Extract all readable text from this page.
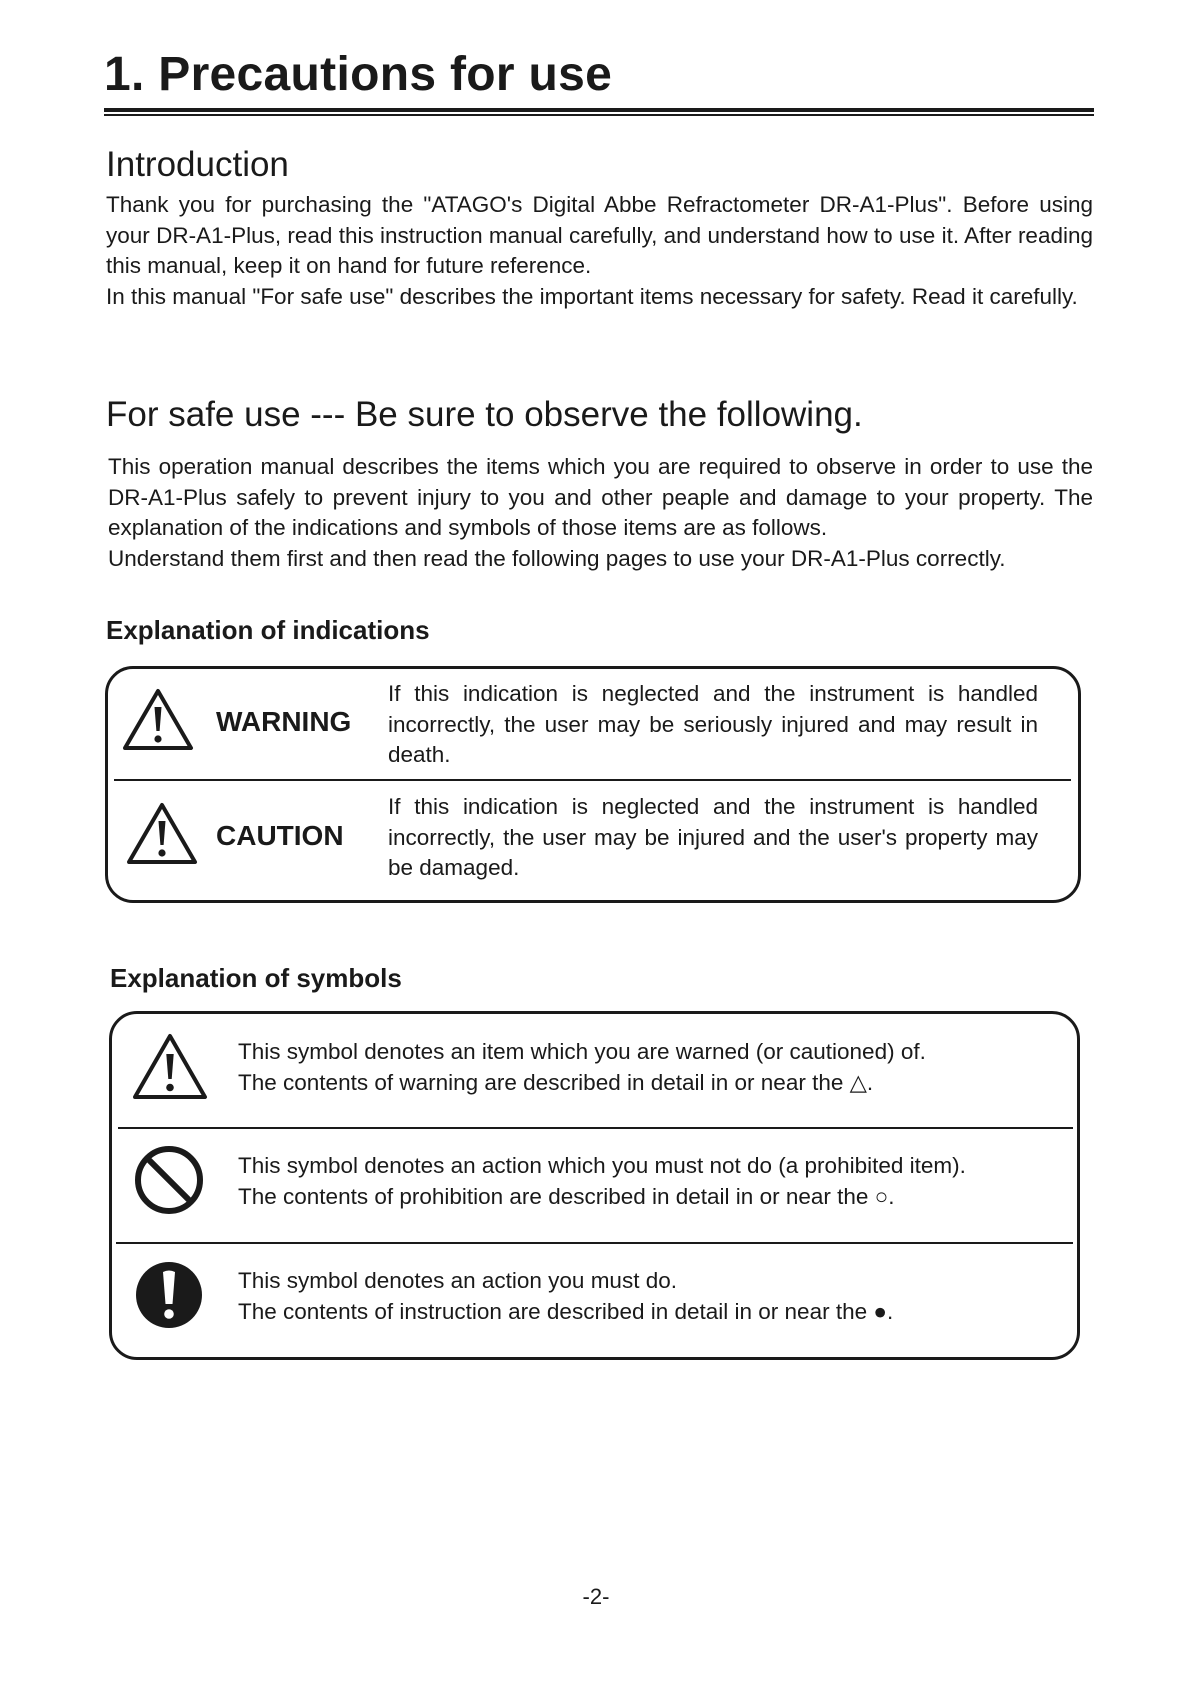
1. Precautions for use
Introduction

Thank you for purchasing the "ATAGO's Digital Abbe Refractometer DR-A1-Plus". Before using your DR-A1-Plus, read this instruction manual carefully, and understand how to use it. After reading this manual, keep it on hand for future reference.

In this manual "For safe use" describes the important items necessary for safety. Read it carefully.

For safe use --- Be sure to observe the following.

This operation manual describes the items which you are required to observe in order to use the DR-A1-Plus safely to prevent injury to you and other peaple and damage to your property. The explanation of the indications and symbols of those items are as follows.

Understand them first and then read the following pages to use your DR-A1-Plus correctly.

Explanation of indications
WARNING
If this indication is neglected and the instrument is handled incorrectly, the user may be seriously injured and may result in death.
CAUTION
If this indication is neglected and the instrument is handled incorrectly, the user may be injured and the user's property may be damaged.
Explanation of symbols
This symbol denotes an item which you are warned (or cautioned) of.
The contents of warning are described in detail in or near the △.
This symbol denotes an action which you must not do (a prohibited item).
The contents of prohibition are described in detail in or near the ○.
This symbol denotes an action you must do.
The contents of instruction are described in detail in or near the ●.
-2-
